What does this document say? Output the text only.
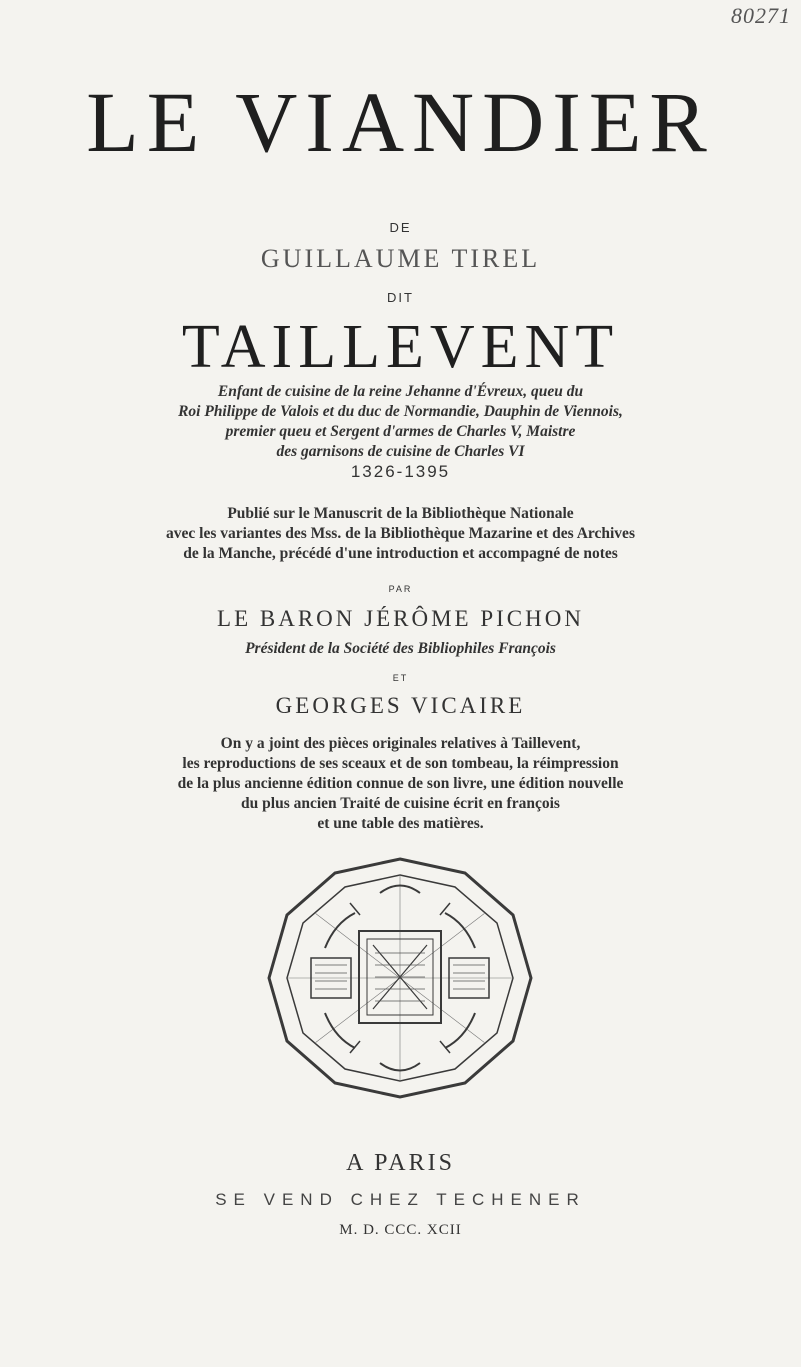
80271
LE VIANDIER
DE
GUILLAUME TIREL
DIT
TAILLEVENT
Enfant de cuisine de la reine Jehanne d'Évreux, queu du
Roi Philippe de Valois et du duc de Normandie, Dauphin de Viennois,
premier queu et Sergent d'armes de Charles V, Maistre
des garnisons de cuisine de Charles VI
1326-1395
Publié sur le Manuscrit de la Bibliothèque Nationale
avec les variantes des Mss. de la Bibliothèque Mazarine et des Archives
de la Manche, précédé d'une introduction et accompagné de notes
PAR
LE BARON JÉRÔME PICHON
Président de la Société des Bibliophiles François
ET
GEORGES VICAIRE
On y a joint des pièces originales relatives à Taillevent,
les reproductions de ses sceaux et de son tombeau, la réimpression
de la plus ancienne édition connue de son livre, une édition nouvelle
du plus ancien Traité de cuisine écrit en françois
et une table des matières.
A PARIS
SE VEND CHEZ TECHENER
M. D. CCC. XCII
